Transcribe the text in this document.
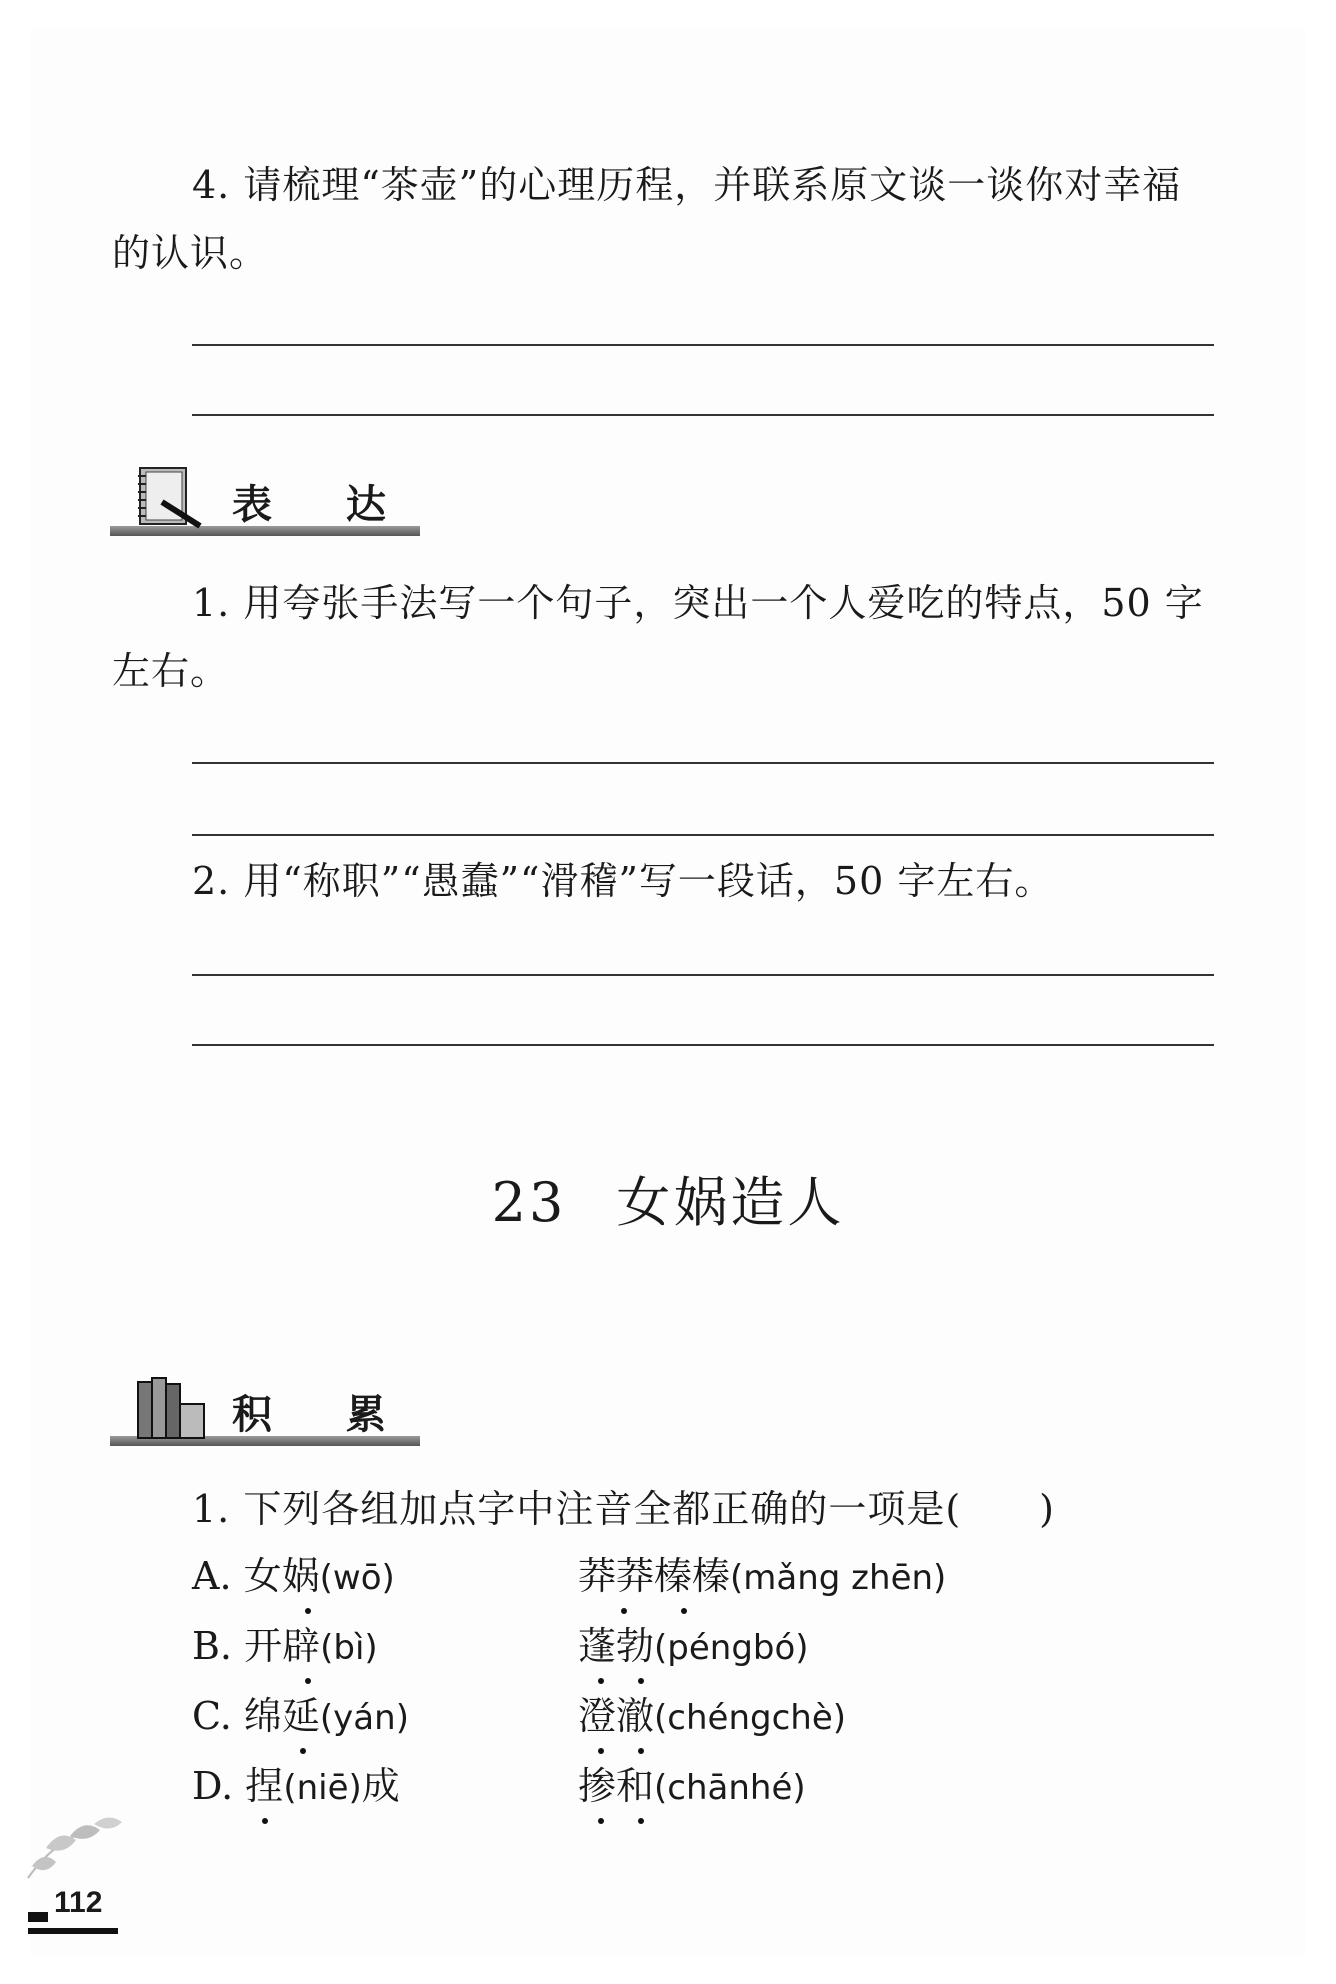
4. 请梳理“茶壶”的心理历程，并联系原文谈一谈你对幸福
的认识。
表 达
1. 用夸张手法写一个句子，突出一个人爱吃的特点，50 字
左右。
2. 用“称职”“愚蠢”“滑稽”写一段话，50 字左右。
23 女娲造人
积 累
1. 下列各组加点字中注音全都正确的一项是(　　)
A. 女娲(wō)	莽莽榛榛(mǎng zhēn)
B. 开辟(bì)	蓬勃(péngbó)
C. 绵延(yán)	澄澈(chéngchè)
D. 捏(niē)成	掺和(chānhé)
112
